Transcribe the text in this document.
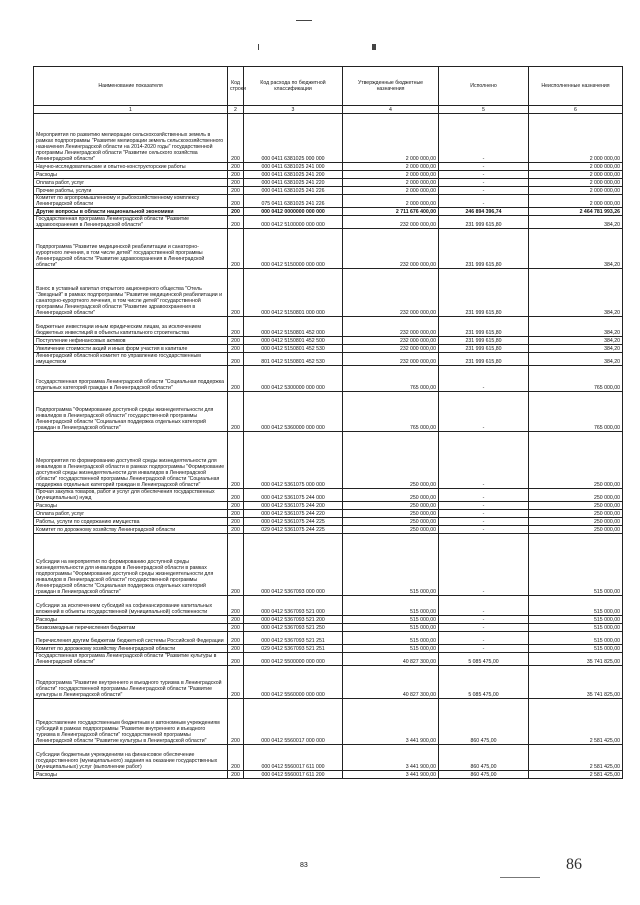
Наименование показателя	Код строки	Код расхода по бюджетной классификации	Утвержденные бюджетные назначения	Исполнено	Неисполненные назначения
1	2	3	4	5	6
Мероприятия по развитию мелиорации сельскохозяйственных земель в рамках подпрограммы "Развитие мелиорации земель сельскохозяйственного назначения Ленинградской области на 2014-2020 годы" государственной программы Ленинградской области "Развитие сельского хозяйства Ленинградской области"	200	000 0411 6381025 000 000	2 000 000,00	-	2 000 000,00
Научно-исследовательские и опытно-конструкторские работы	200	000 0411 6381025 241 000	2 000 000,00	-	2 000 000,00
Расходы	200	000 0411 6381025 241 200	2 000 000,00	-	2 000 000,00
Оплата работ, услуг	200	000 0411 6381025 241 220	2 000 000,00	-	2 000 000,00
Прочие работы, услуги	200	000 0411 6381025 241 226	2 000 000,00	-	2 000 000,00
Комитет по агропромышленному и рыбохозяйственному комплексу Ленинградской области	200	075 0411 6381025 241 226	2 000 000,00	-	2 000 000,00
Другие вопросы в области национальной экономики	200	000 0412 0000000 000 000	2 711 676 400,00	246 894 396,74	2 464 781 993,26
Государственная программа Ленинградской области "Развитие здравоохранения в Ленинградской области"	200	000 0412 5100000 000 000	232 000 000,00	231 999 615,80	384,20
Подпрограмма "Развитие медицинской реабилитации и санаторно-курортного лечения, в том числе детей" государственной программы Ленинградской области "Развитие здравоохранения в Ленинградской области"	200	000 0412 5150000 000 000	232 000 000,00	231 999 615,80	384,20
Взнос в уставный капитал открытого акционерного общества "Отель "Звездный" в рамках подпрограммы "Развитие медицинской реабилитации и санаторно-курортного лечения, в том числе детей" государственной программы Ленинградской области "Развитие здравоохранения в Ленинградской области"	200	000 0412 5150801 000 000	232 000 000,00	231 999 615,80	384,20
Бюджетные инвестиции иным юридическим лицам, за исключением бюджетных инвестиций в объекты капитального строительства	200	000 0412 5150801 452 000	232 000 000,00	231 999 615,80	384,20
Поступление нефинансовых активов	200	000 0412 5150801 452 500	232 000 000,00	231 999 615,80	384,20
Увеличение стоимости акций и иных форм участия в капитале	200	000 0412 5150801 452 530	232 000 000,00	231 999 615,80	384,20
Ленинградский областной комитет по управлению государственным имуществом	200	801 0412 5150801 452 530	232 000 000,00	231 999 615,80	384,20
Государственная программа Ленинградской области "Социальная поддержка отдельных категорий граждан в Ленинградской области"	200	000 0412 5300000 000 000	765 000,00	-	765 000,00
Подпрограмма "Формирование доступной среды жизнедеятельности для инвалидов в Ленинградской области" государственной программы Ленинградской области "Социальная поддержка отдельных категорий граждан в Ленинградской области"	200	000 0412 5360000 000 000	765 000,00	-	765 000,00
Мероприятия по формированию доступной среды жизнедеятельности для инвалидов в Ленинградской области в рамках подпрограммы "Формирование доступной среды жизнедеятельности для инвалидов в Ленинградской области" государственной программы Ленинградской области "Социальная поддержка отдельных категорий граждан в Ленинградской области"	200	000 0412 5361075 000 000	250 000,00	-	250 000,00
Прочая закупка товаров, работ и услуг для обеспечения государственных (муниципальных) нужд	200	000 0412 5361075 244 000	250 000,00	-	250 000,00
Расходы	200	000 0412 5361075 244 200	250 000,00	-	250 000,00
Оплата работ, услуг	200	000 0412 5361075 244 220	250 000,00	-	250 000,00
Работы, услуги по содержанию имущества	200	000 0412 5361075 244 225	250 000,00	-	250 000,00
Комитет по дорожному хозяйству Ленинградской области	200	029 0412 5361075 244 225	250 000,00	-	250 000,00
Субсидии на мероприятия по формированию доступной среды жизнедеятельности для инвалидов в Ленинградской области в рамках подпрограммы "Формирование доступной среды жизнедеятельности для инвалидов в Ленинградской области" государственной программы Ленинградской области "Социальная поддержка отдельных категорий граждан в Ленинградской области"	200	000 0412 5367093 000 000	515 000,00	-	515 000,00
Субсидии за исключением субсидий на софинансирование капитальных вложений в объекты государственной (муниципальной) собственности	200	000 0412 5367093 521 000	515 000,00	-	515 000,00
Расходы	200	000 0412 5367093 521 200	515 000,00	-	515 000,00
Безвозмездные перечисления бюджетам	200	000 0412 5367093 521 250	515 000,00	-	515 000,00
Перечисления другим бюджетам бюджетной системы Российской Федерации	200	000 0412 5367093 521 251	515 000,00	-	515 000,00
Комитет по дорожному хозяйству Ленинградской области	200	029 0412 5367093 521 251	515 000,00	-	515 000,00
Государственная программа Ленинградской области "Развитие культуры в Ленинградской области"	200	000 0412 5500000 000 000	40 827 300,00	5 085 475,00	35 741 825,00
Подпрограмма "Развитие внутреннего и въездного туризма в Ленинградской области" государственной программы Ленинградской области "Развитие культуры в Ленинградской области"	200	000 0412 5560000 000 000	40 827 300,00	5 085 475,00	35 741 825,00
Предоставление государственным бюджетным и автономным учреждениям субсидий в рамках подпрограммы "Развитие внутреннего и въездного туризма в Ленинградской области" государственной программы Ленинградской области "Развитие культуры в Ленинградской области"	200	000 0412 5560017 000 000	3 441 900,00	860 475,00	2 581 425,00
Субсидии бюджетным учреждениям на финансовое обеспечение государственного (муниципального) задания на оказание государственных (муниципальных) услуг (выполнение работ)	200	000 0412 5560017 611 000	3 441 900,00	860 475,00	2 581 425,00
Расходы	200	000 0412 5560017 611 200	3 441 900,00	860 475,00	2 581 425,00
83	86
